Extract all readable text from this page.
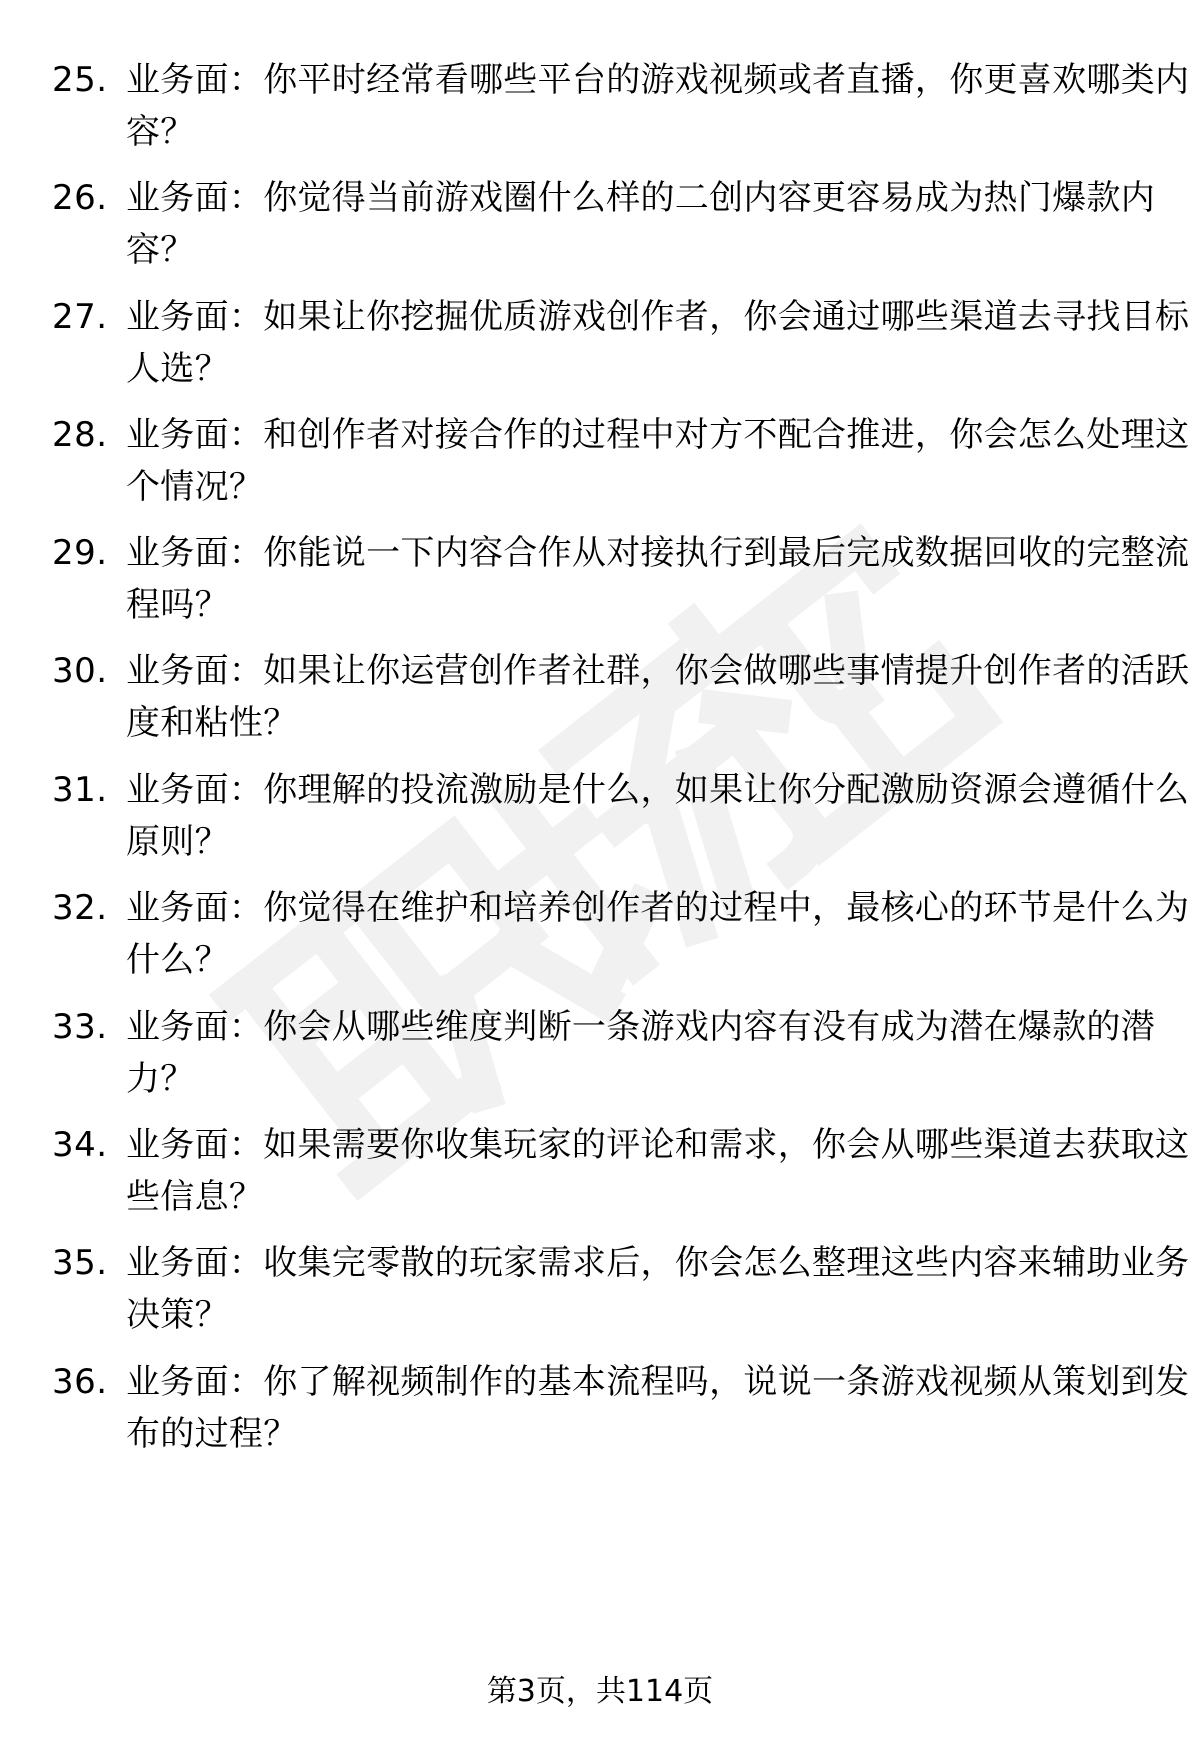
25. 业务面：你平时经常看哪些平台的游戏视频或者直播，你更喜欢哪类内容？
26. 业务面：你觉得当前游戏圈什么样的二创内容更容易成为热门爆款内容？
27. 业务面：如果让你挖掘优质游戏创作者，你会通过哪些渠道去寻找目标人选？
28. 业务面：和创作者对接合作的过程中对方不配合推进，你会怎么处理这个情况？
29. 业务面：你能说一下内容合作从对接执行到最后完成数据回收的完整流程吗？
30. 业务面：如果让你运营创作者社群，你会做哪些事情提升创作者的活跃度和粘性？
31. 业务面：你理解的投流激励是什么，如果让你分配激励资源会遵循什么原则？
32. 业务面：你觉得在维护和培养创作者的过程中，最核心的环节是什么为什么？
33. 业务面：你会从哪些维度判断一条游戏内容有没有成为潜在爆款的潜力？
34. 业务面：如果需要你收集玩家的评论和需求，你会从哪些渠道去获取这些信息？
35. 业务面：收集完零散的玩家需求后，你会怎么整理这些内容来辅助业务决策？
36. 业务面：你了解视频制作的基本流程吗，说说一条游戏视频从策划到发布的过程？
第3页，共114页
